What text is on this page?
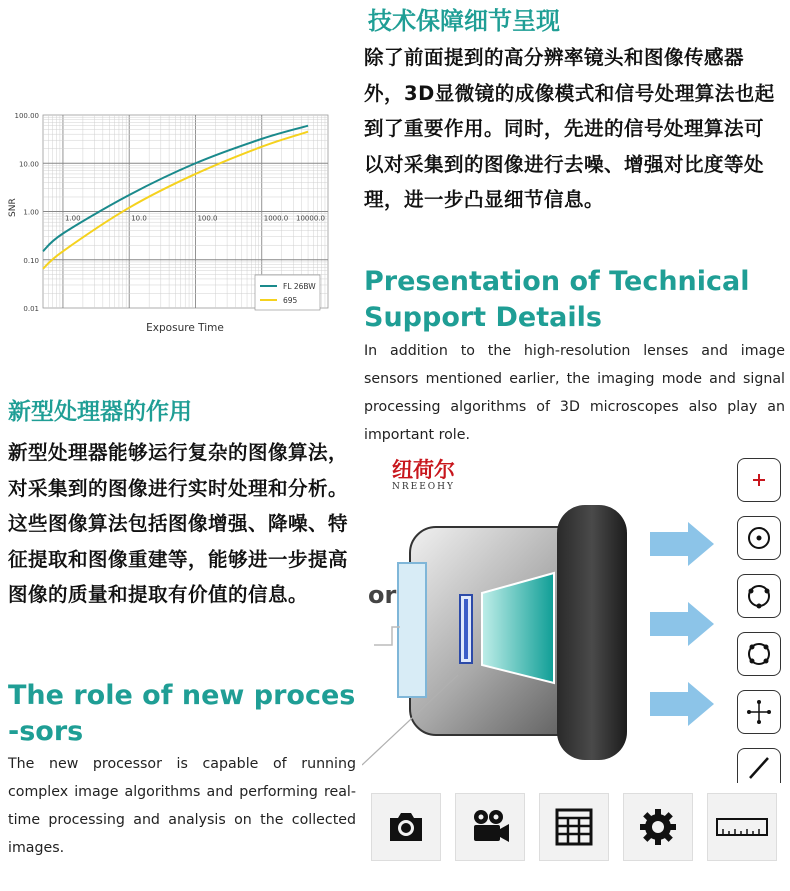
100.00
10.00
1.00
0.10
0.01
1.00	10.0	100.0	1000.0 10000.0
SNR
Exposure Time
FL 26BW
695
技术保障细节呈现
除了前面提到的高分辨率镜头和图像传感器外，3D显微镜的成像模式和信号处理算法也起到了重要作用。同时，先进的信号处理算法可以对采集到的图像进行去噪、增强对比度等处理，进一步凸显细节信息。
Presentation of Technical Support Details
In addition to the high-resolution lenses and image sensors mentioned earlier, the imaging mode and signal processing algorithms of 3D microscopes also play an important role.
新型处理器的作用
新型处理器能够运行复杂的图像算法，对采集到的图像进行实时处理和分析。这些图像算法包括图像增强、降噪、特征提取和图像重建等，能够进一步提高图像的质量和提取有价值的信息。
The role of new proces-sors
The new processor is capable of running complex image algorithms and performing real-time processing and analysis on the collected images.
纽荷尔
NREEOHY
or
